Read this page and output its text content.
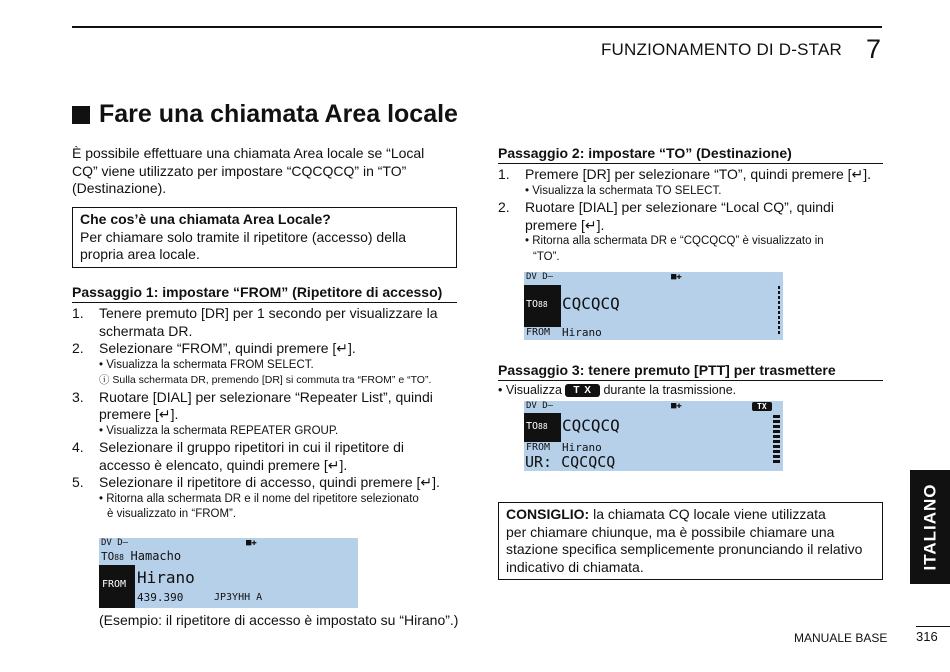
FUNZIONAMENTO DI D-STAR 7
Fare una chiamata Area locale
È possibile effettuare una chiamata Area locale se “Local
CQ” viene utilizzato per impostare “CQCQCQ” in “TO”
(Destinazione).
Che cos’è una chiamata Area Locale?
Per chiamare solo tramite il ripetitore (accesso) della
propria area locale.
Passaggio 1: impostare “FROM” (Ripetitore di accesso)
1. Tenere premuto [DR] per 1 secondo per visualizzare la
schermata DR.
2. Selezionare “FROM”, quindi premere [↵].
• Visualizza la schermata FROM SELECT.
ⓘ Sulla schermata DR, premendo [DR] si commuta tra “FROM” e “TO”.
3. Ruotare [DIAL] per selezionare “Repeater List”, quindi
premere [↵].
• Visualizza la schermata REPEATER GROUP.
4. Selezionare il gruppo ripetitori in cui il ripetitore di
accesso è elencato, quindi premere [↵].
5. Selezionare il ripetitore di accesso, quindi premere [↵].
• Ritorna alla schermata DR e il nome del ripetitore selezionato
è visualizzato in “FROM”.
DV D–	■✚
TO88 Hamacho
FROM Hirano
439.390	JP3YHH A
(Esempio: il ripetitore di accesso è impostato su “Hirano”.)
Passaggio 2: impostare “TO” (Destinazione)
1. Premere [DR] per selezionare “TO”, quindi premere [↵].
• Visualizza la schermata TO SELECT.
2. Ruotare [DIAL] per selezionare “Local CQ”, quindi
premere [↵].
• Ritorna alla schermata DR e “CQCQCQ” è visualizzato in
“TO”.
DV D–	■✚
TO88 CQCQCQ
FROM Hirano
Passaggio 3: tenere premuto [PTT] per trasmettere
• Visualizza T X durante la trasmissione.
DV D–	■✚	TX
TO88 CQCQCQ
FROM Hirano
UR: CQCQCQ
CONSIGLIO: la chiamata CQ locale viene utilizzata
per chiamare chiunque, ma è possibile chiamare una
stazione specifica semplicemente pronunciando il relativo
indicativo di chiamata.	ITALIANO
MANUALE BASE 316
